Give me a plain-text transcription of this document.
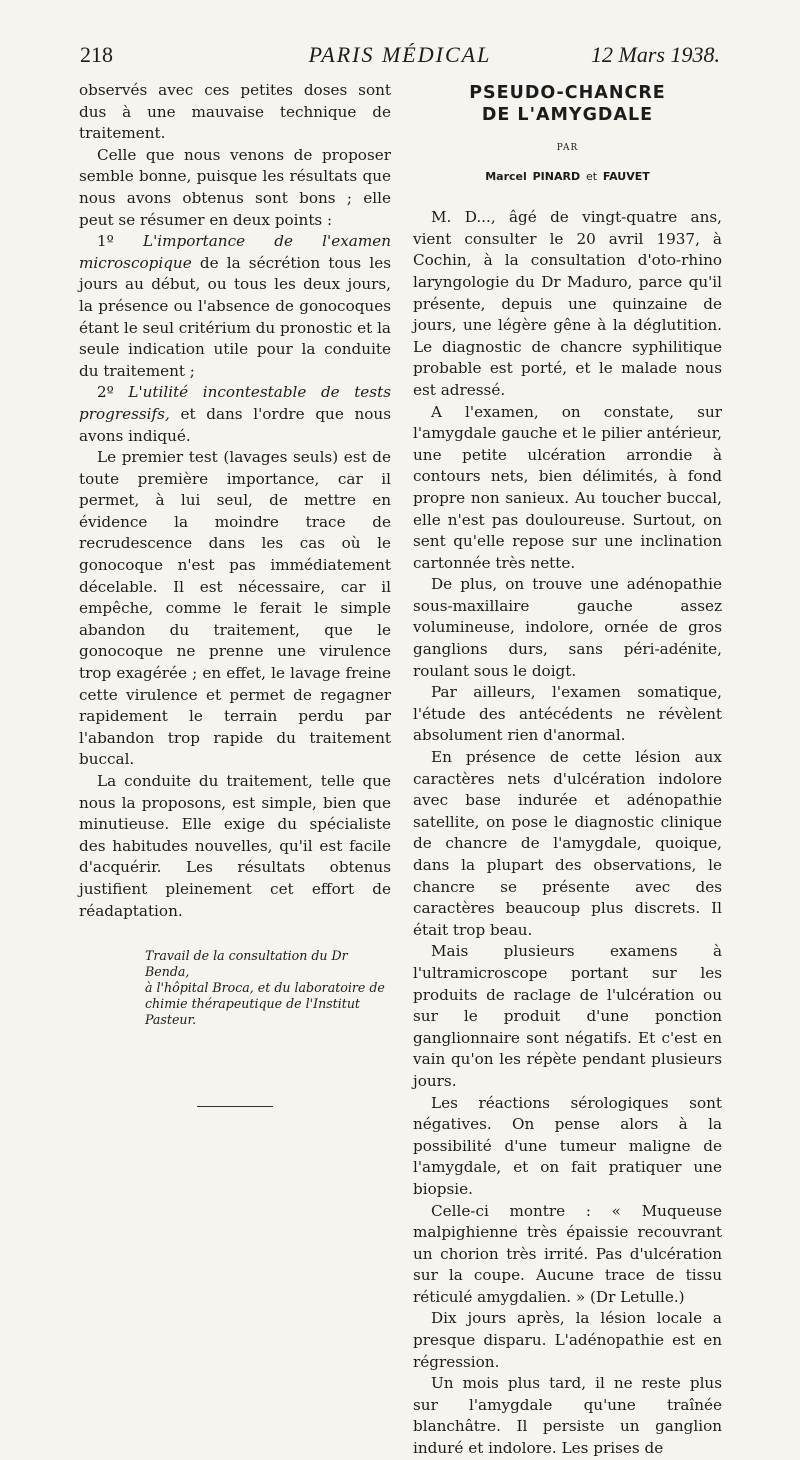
218	PARIS MÉDICAL	12 Mars 1938.

observés avec ces petites doses sont dus à une mauvaise technique de traitement.

Celle que nous venons de proposer semble bonne, puisque les résultats que nous avons obtenus sont bons ; elle peut se résumer en deux points :

1º L'importance de l'examen microscopique de la sécrétion tous les jours au début, ou tous les deux jours, la présence ou l'absence de gonocoques étant le seul critérium du pronostic et la seule indication utile pour la conduite du traitement ;

2º L'utilité incontestable de tests progressifs, et dans l'ordre que nous avons indiqué.

Le premier test (lavages seuls) est de toute première importance, car il permet, à lui seul, de mettre en évidence la moindre trace de recrudescence dans les cas où le gonocoque n'est pas immédiatement décelable. Il est nécessaire, car il empêche, comme le ferait le simple abandon du traitement, que le gonocoque ne prenne une virulence trop exagérée ; en effet, le lavage freine cette virulence et permet de regagner rapidement le terrain perdu par l'abandon trop rapide du traitement buccal.

La conduite du traitement, telle que nous la proposons, est simple, bien que minutieuse. Elle exige du spécialiste des habitudes nouvelles, qu'il est facile d'acquérir. Les résultats obtenus justifient pleinement cet effort de réadaptation.

Travail de la consultation du Dr Benda,
à l'hôpital Broca, et du laboratoire de
chimie thérapeutique de l'Institut
Pasteur.
PSEUDO-CHANCRE
DE L'AMYGDALE
PAR
Marcel PINARD et FAUVET

M. D..., âgé de vingt-quatre ans, vient consulter le 20 avril 1937, à Cochin, à la consultation d'oto-rhino laryngologie du Dr Maduro, parce qu'il présente, depuis une quinzaine de jours, une légère gêne à la déglutition. Le diagnostic de chancre syphilitique probable est porté, et le malade nous est adressé.

A l'examen, on constate, sur l'amygdale gauche et le pilier antérieur, une petite ulcération arrondie à contours nets, bien délimités, à fond propre non sanieux. Au toucher buccal, elle n'est pas douloureuse. Surtout, on sent qu'elle repose sur une inclination cartonnée très nette.

De plus, on trouve une adénopathie sous-maxillaire gauche assez volumineuse, indolore, ornée de gros ganglions durs, sans péri-adénite, roulant sous le doigt.

Par ailleurs, l'examen somatique, l'étude des antécédents ne révèlent absolument rien d'anormal.

En présence de cette lésion aux caractères nets d'ulcération indolore avec base indurée et adénopathie satellite, on pose le diagnostic clinique de chancre de l'amygdale, quoique, dans la plupart des observations, le chancre se présente avec des caractères beaucoup plus discrets. Il était trop beau.

Mais plusieurs examens à l'ultramicroscope portant sur les produits de raclage de l'ulcération ou sur le produit d'une ponction ganglionnaire sont négatifs. Et c'est en vain qu'on les répète pendant plusieurs jours.

Les réactions sérologiques sont négatives. On pense alors à la possibilité d'une tumeur maligne de l'amygdale, et on fait pratiquer une biopsie.

Celle-ci montre : « Muqueuse malpighienne très épaissie recouvrant un chorion très irrité. Pas d'ulcération sur la coupe. Aucune trace de tissu réticulé amygdalien. » (Dr Letulle.)

Dix jours après, la lésion locale a presque disparu. L'adénopathie est en régression.

Un mois plus tard, il ne reste plus sur l'amygdale qu'une traînée blanchâtre. Il persiste un ganglion induré et indolore. Les prises de
